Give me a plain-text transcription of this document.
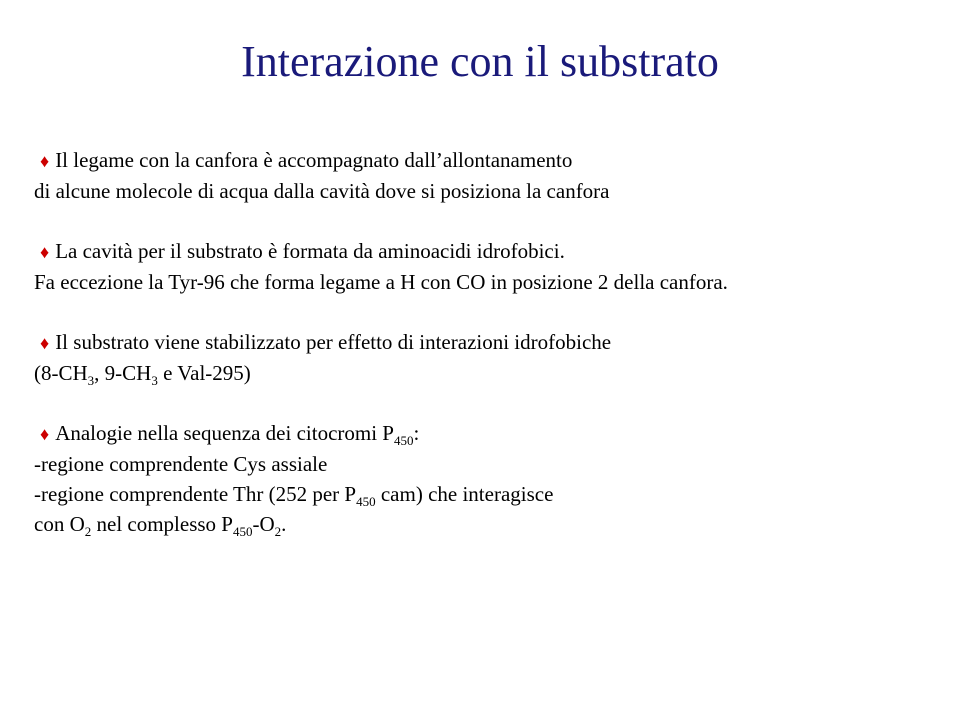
Interazione con il substrato
♦ Il legame con la canfora è accompagnato dall’allontanamento
di alcune molecole di acqua dalla cavità dove si posiziona la canfora
♦ La cavità per il substrato è formata da aminoacidi idrofobici.
Fa eccezione la Tyr-96 che forma legame a H con CO in posizione 2 della canfora.
♦ Il substrato viene stabilizzato per effetto di interazioni idrofobiche
($8-CH_3$, $9-CH_3$ e Val-295)
♦ Analogie nella sequenza dei citocromi $P_{450}$:
-regione comprendente Cys assiale
-regione comprendente Thr (252 per $P_{450}$ cam) che interagisce
con $O_2$ nel complesso $P_{450}-O_2$.
